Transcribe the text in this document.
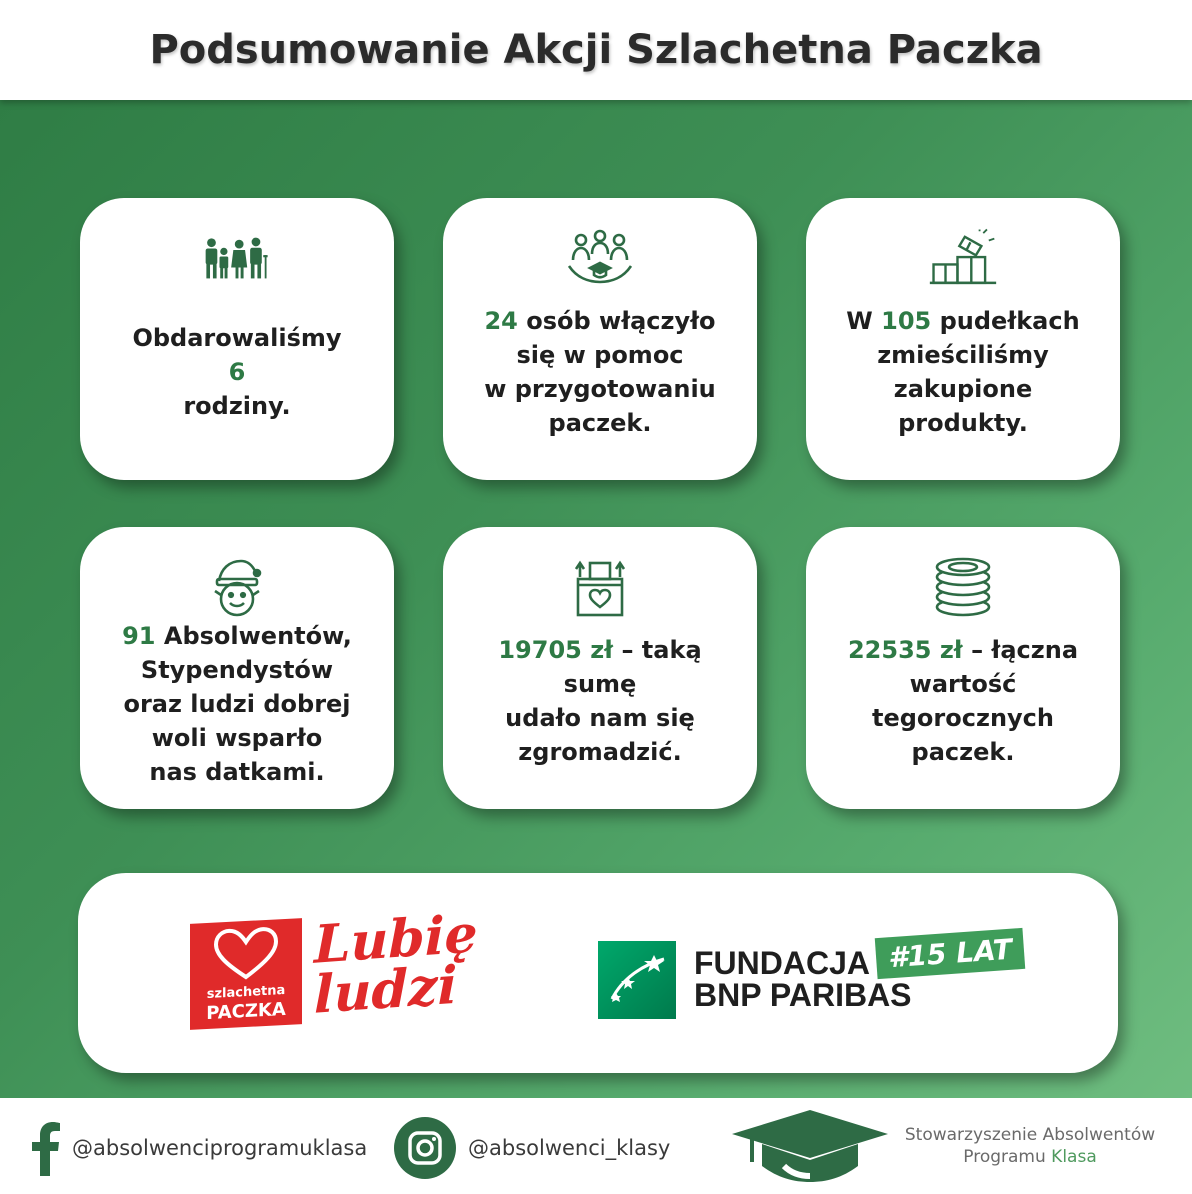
Podsumowanie Akcji Szlachetna Paczka
Obdarowaliśmy
6
rodziny.
24 osób włączyło
się w pomoc
w przygotowaniu
paczek.
W 105 pudełkach
zmieściliśmy
zakupione
produkty.
91 Absolwentów,
Stypendystów
oraz ludzi dobrej
woli wsparło
nas datkami.
19705 zł – taką
sumę
udało nam się
zgromadzić.
22535 zł – łączna
wartość
tegorocznych
paczek.
szlachetna
PACZKA
Lubię
ludzi	FUNDACJA
BNP PARIBAS
#15 LAT
@absolwenciprogramuklasa	@absolwenci_klasy
Stowarzyszenie Absolwentów
Programu Klasa
